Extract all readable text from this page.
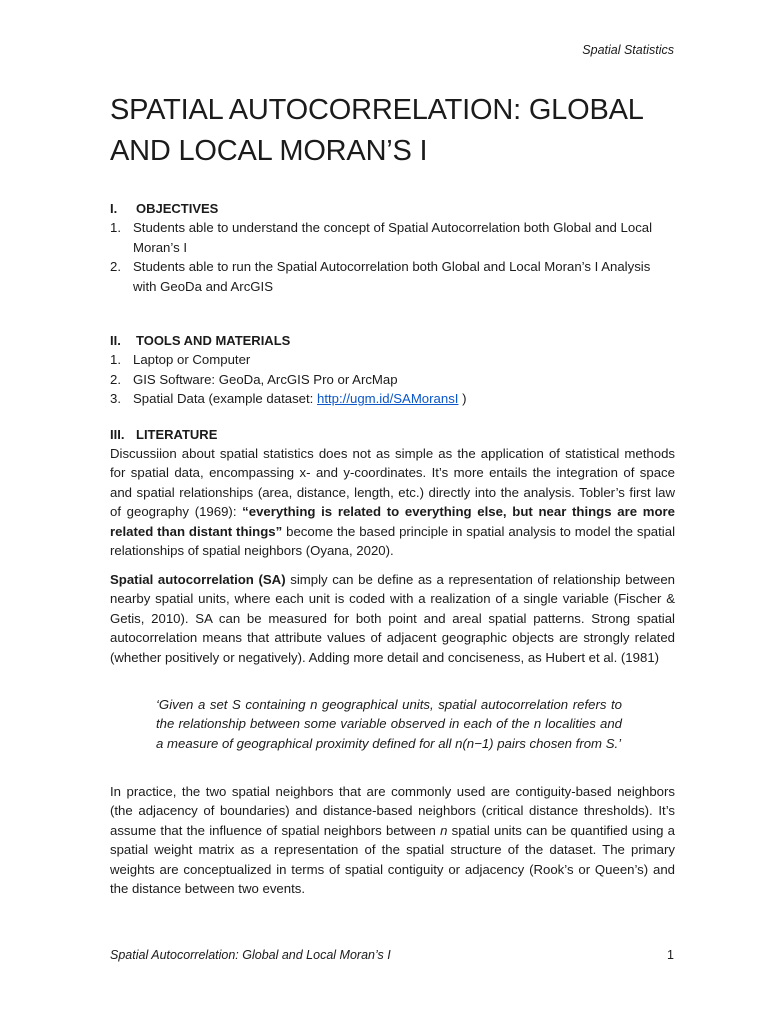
Spatial Statistics
SPATIAL AUTOCORRELATION: GLOBAL
AND LOCAL MORAN’S I
I. OBJECTIVES
1. Students able to understand the concept of Spatial Autocorrelation both Global and Local Moran’s I
2. Students able to run the Spatial Autocorrelation both Global and Local Moran’s I Analysis with GeoDa and ArcGIS
II. TOOLS AND MATERIALS
1. Laptop or Computer
2. GIS Software: GeoDa, ArcGIS Pro or ArcMap
3. Spatial Data (example dataset: http://ugm.id/SAMoransI )
III. LITERATURE

Discussiion about spatial statistics does not as simple as the application of statistical methods for spatial data, encompassing x- and y-coordinates. It’s more entails the integration of space and spatial relationships (area, distance, length, etc.) directly into the analysis. Tobler’s first law of geography (1969): “everything is related to everything else, but near things are more related than distant things” become the based principle in spatial analysis to model the spatial relationships of spatial neighbors (Oyana, 2020).

Spatial autocorrelation (SA) simply can be define as a representation of relationship between nearby spatial units, where each unit is coded with a realization of a single variable (Fischer & Getis, 2010). SA can be measured for both point and areal spatial patterns. Strong spatial autocorrelation means that attribute values of adjacent geographic objects are strongly related (whether positively or negatively). Adding more detail and conciseness, as Hubert et al. (1981)

‘Given a set S containing n geographical units, spatial autocorrelation refers to the relationship between some variable observed in each of the n localities and a measure of geographical proximity defined for all n(n−1) pairs chosen from S.’

In practice, the two spatial neighbors that are commonly used are contiguity-based neighbors (the adjacency of boundaries) and distance-based neighbors (critical distance thresholds). It’s assume that the influence of spatial neighbors between n spatial units can be quantified using a spatial weight matrix as a representation of the spatial structure of the dataset. The primary weights are conceptualized in terms of spatial contiguity or adjacency (Rook’s or Queen’s) and the distance between two events.

Spatial Autocorrelation: Global and Local Moran’s I	1
